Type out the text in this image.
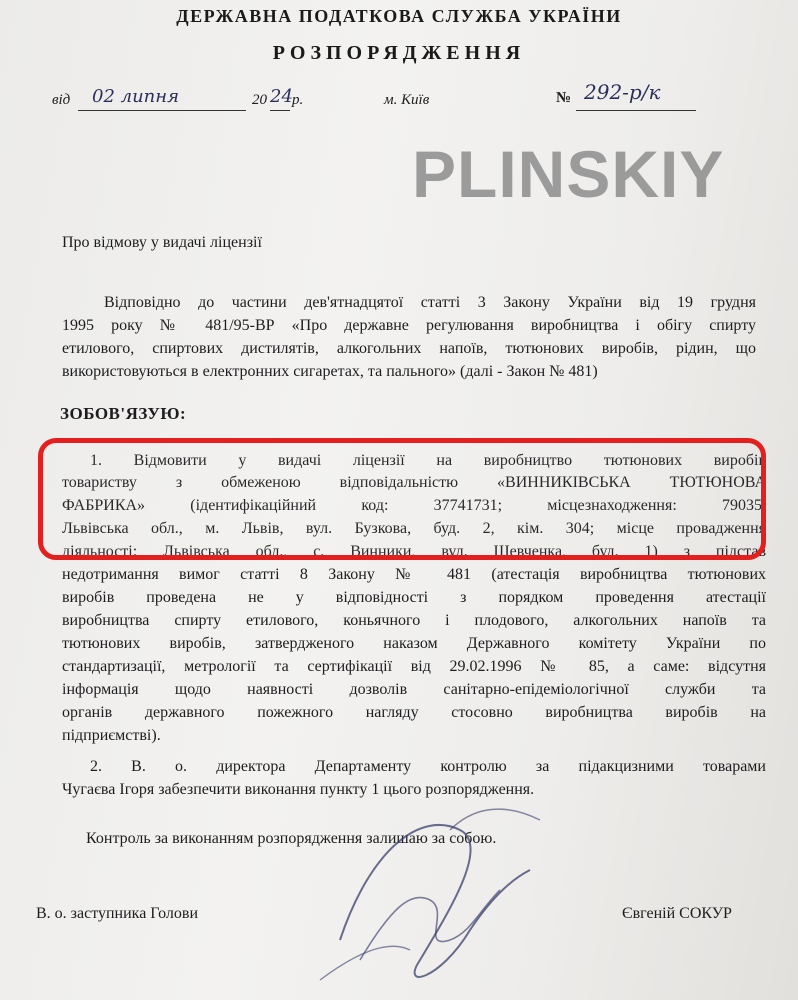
ДЕРЖАВНА ПОДАТКОВА СЛУЖБА УКРАЇНИ
РОЗПОРЯДЖЕННЯ
від 02 липня	20 24 р.	м. Київ	№ 292-р/к
PLINSKIY
Про відмову у видачі ліцензії
Відповідно до частини дев'ятнадцятої статті 3 Закону України від 19 грудня
1995 року № 481/95-ВР «Про державне регулювання виробництва і обігу спирту
етилового, спиртових дистилятів, алкогольних напоїв, тютюнових виробів, рідин, що
використовуються в електронних сигаретах, та пального» (далі - Закон № 481)
ЗОБОВ'ЯЗУЮ:
1. Відмовити у видачі ліцензії на виробництво тютюнових виробів
товариству з обмеженою відповідальністю «ВИННИКІВСЬКА ТЮТЮНОВА
ФАБРИКА» (ідентифікаційний код: 37741731; місцезнаходження: 79035,
Львівська обл., м. Львів, вул. Бузкова, буд. 2, кім. 304; місце провадження
діяльності: Львівська обл., с. Винники, вул. Шевченка, буд. 1) з підстав
недотримання вимог статті 8 Закону № 481 (атестація виробництва тютюнових
виробів проведена не у відповідності з порядком проведення атестації
виробництва спирту етилового, коньячного і плодового, алкогольних напоїв та
тютюнових виробів, затвердженого наказом Державного комітету України по
стандартизації, метрології та сертифікації від 29.02.1996 № 85, а саме: відсутня
інформація щодо наявності дозволів санітарно-епідеміологічної служби та
органів державного пожежного нагляду стосовно виробництва виробів на
підприємстві).
2. В. о. директора Департаменту контролю за підакцизними товарами
Чугаєва Ігоря забезпечити виконання пункту 1 цього розпорядження.
Контроль за виконанням розпорядження залишаю за собою.
В. о. заступника Голови	Євгеній СОКУР
